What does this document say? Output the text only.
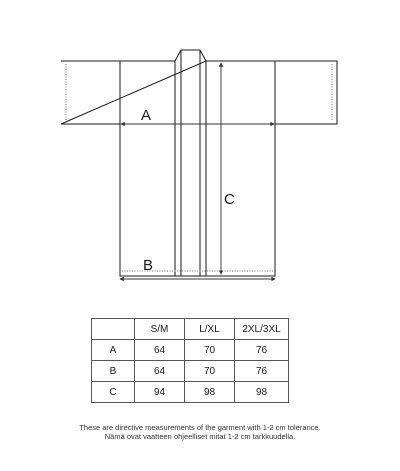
A
B
C
	S/M	L/XL	2XL/3XL
A	64	70	76
B	64	70	76
C	94	98	98
These are directive measurements of the garment with 1-2 cm tolerance.
Nämä ovat vaatteen ohjeelliset mitat 1-2 cm tarkkuudella.
